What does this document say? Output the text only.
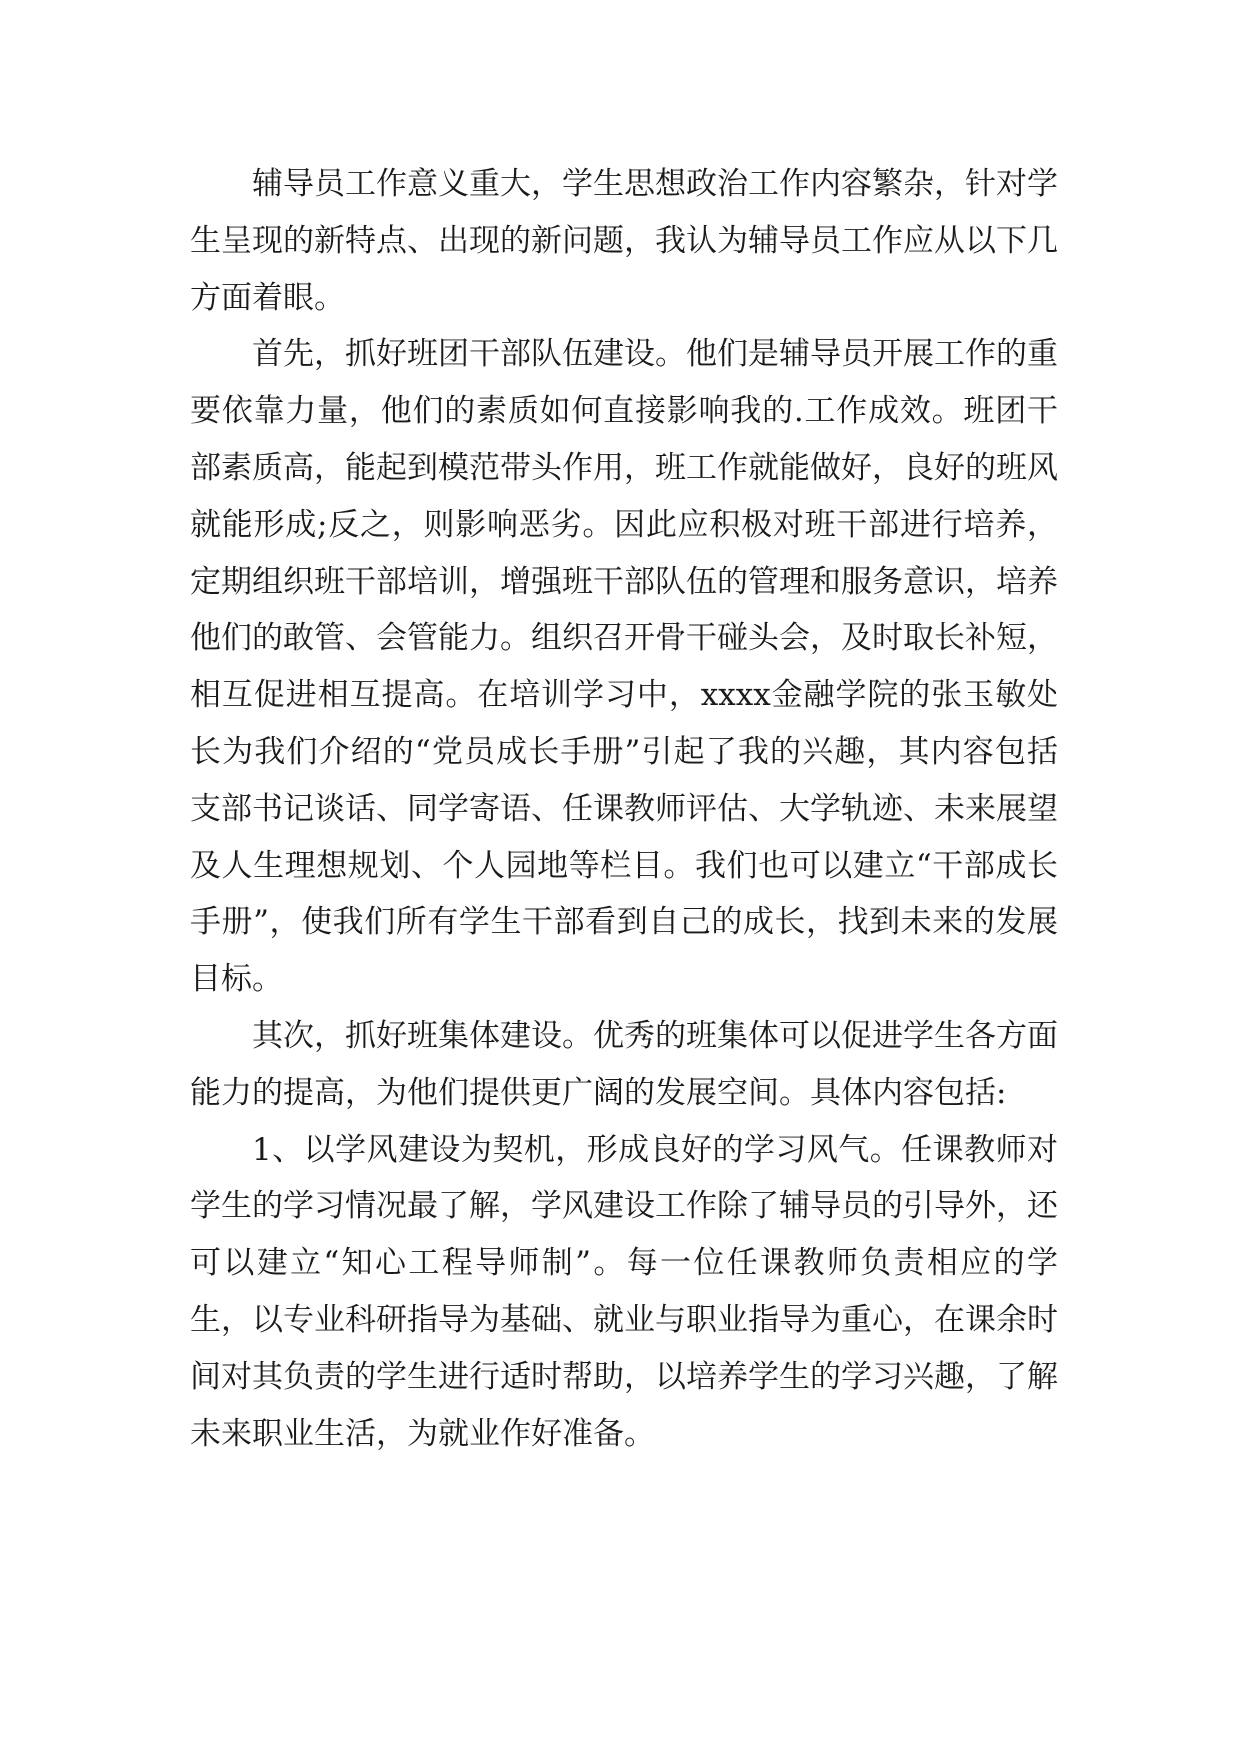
辅导员工作意义重大，学生思想政治工作内容繁杂，针对学生呈现的新特点、出现的新问题，我认为辅导员工作应从以下几方面着眼。

首先，抓好班团干部队伍建设。他们是辅导员开展工作的重要依靠力量，他们的素质如何直接影响我的.工作成效。班团干部素质高，能起到模范带头作用，班工作就能做好，良好的班风就能形成;反之，则影响恶劣。因此应积极对班干部进行培养，定期组织班干部培训，增强班干部队伍的管理和服务意识，培养他们的敢管、会管能力。组织召开骨干碰头会，及时取长补短，相互促进相互提高。在培训学习中，xxxx金融学院的张玉敏处长为我们介绍的“党员成长手册”引起了我的兴趣，其内容包括支部书记谈话、同学寄语、任课教师评估、大学轨迹、未来展望及人生理想规划、个人园地等栏目。我们也可以建立“干部成长手册”，使我们所有学生干部看到自己的成长，找到未来的发展目标。

其次，抓好班集体建设。优秀的班集体可以促进学生各方面能力的提高，为他们提供更广阔的发展空间。具体内容包括:

1、以学风建设为契机，形成良好的学习风气。任课教师对学生的学习情况最了解，学风建设工作除了辅导员的引导外，还可以建立“知心工程导师制”。每一位任课教师负责相应的学生，以专业科研指导为基础、就业与职业指导为重心，在课余时间对其负责的学生进行适时帮助，以培养学生的学习兴趣，了解未来职业生活，为就业作好准备。
